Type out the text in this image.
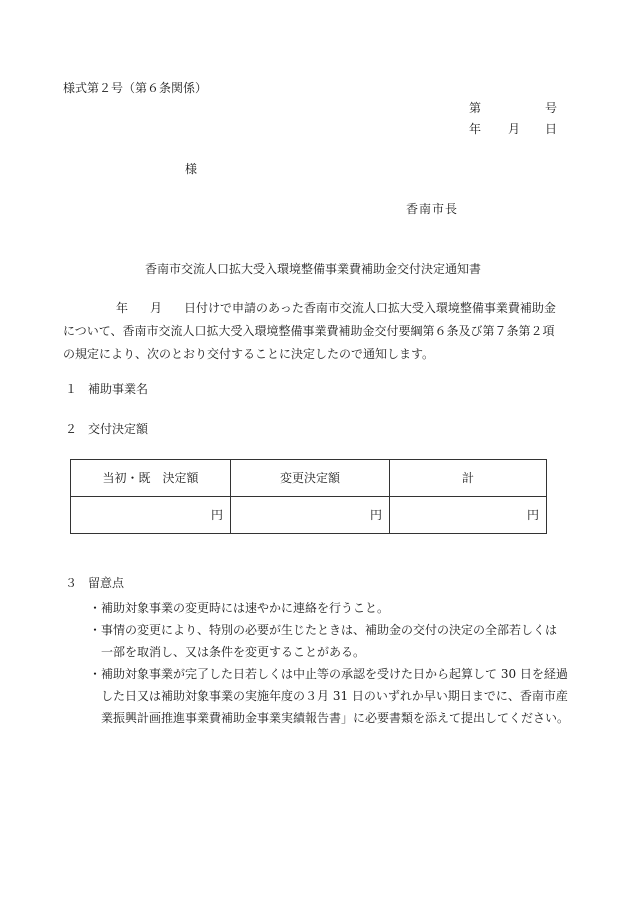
様式第２号（第６条関係）
第	号
年 月 日
様
香南市長
香南市交流人口拡大受入環境整備事業費補助金交付決定通知書
年 月 日付けで申請のあった香南市交流人口拡大受入環境整備事業費補助金
について、香南市交流人口拡大受入環境整備事業費補助金交付要綱第６条及び第７条第２項
の規定により、次のとおり交付することに決定したので通知します。
１ 補助事業名
２ 交付決定額
当初・既　決定額	変更決定額	計
円	円	円
３ 留意点
・ 補助対象事業の変更時には速やかに連絡を行うこと。
・ 事情の変更により、特別の必要が生じたときは、補助金の交付の決定の全部若しくは
一部を取消し、又は条件を変更することがある。
・ 補助対象事業が完了した日若しくは中止等の承認を受けた日から起算して 30 日を経過
した日又は補助対象事業の実施年度の３月 31 日のいずれか早い期日までに、香南市産
業振興計画推進事業費補助金事業実績報告書」に必要書類を添えて提出してください。
